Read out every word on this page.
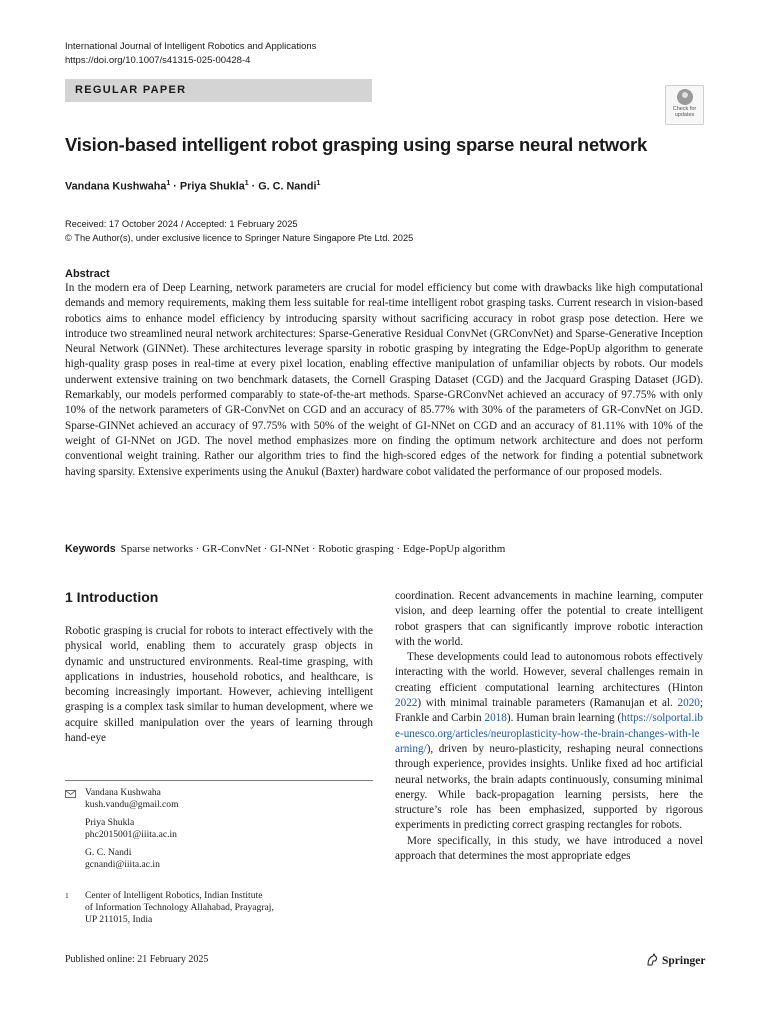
International Journal of Intelligent Robotics and Applications
https://doi.org/10.1007/s41315-025-00428-4
REGULAR PAPER
Check for
updates
Vision-based intelligent robot grasping using sparse neural network
Vandana Kushwaha$^1$ · Priya Shukla$^1$ · G. C. Nandi$^1$
Received: 17 October 2024 / Accepted: 1 February 2025
© The Author(s), under exclusive licence to Springer Nature Singapore Pte Ltd. 2025
Abstract

In the modern era of Deep Learning, network parameters are crucial for model efficiency but come with drawbacks like high computational demands and memory requirements, making them less suitable for real-time intelligent robot grasping tasks. Current research in vision-based robotics aims to enhance model efficiency by introducing sparsity without sacrificing accuracy in robot grasp pose detection. Here we introduce two streamlined neural network architectures: Sparse-Generative Residual ConvNet (GRConvNet) and Sparse-Generative Inception Neural Network (GINNet). These architectures leverage sparsity in robotic grasping by integrating the Edge-PopUp algorithm to generate high-quality grasp poses in real-time at every pixel location, enabling effective manipulation of unfamiliar objects by robots. Our models underwent extensive training on two benchmark datasets, the Cornell Grasping Dataset (CGD) and the Jacquard Grasping Dataset (JGD). Remarkably, our models performed comparably to state-of-the-art methods. Sparse-GRConvNet achieved an accuracy of 97.75% with only 10% of the network parameters of GR-ConvNet on CGD and an accuracy of 85.77% with 30% of the parameters of GR-ConvNet on JGD. Sparse-GINNet achieved an accuracy of 97.75% with 50% of the weight of GI-NNet on CGD and an accuracy of 81.11% with 10% of the weight of GI-NNet on JGD. The novel method emphasizes more on finding the optimum network architecture and does not perform conventional weight training. Rather our algorithm tries to find the high-scored edges of the network for finding a potential subnetwork having sparsity. Extensive experiments using the Anukul (Baxter) hardware cobot validated the performance of our proposed models.

Keywords Sparse networks · GR-ConvNet · GI-NNet · Robotic grasping · Edge-PopUp algorithm
1 Introduction

Robotic grasping is crucial for robots to interact effectively with the physical world, enabling them to accurately grasp objects in dynamic and unstructured environments. Real-time grasping, with applications in industries, household robotics, and healthcare, is becoming increasingly important. However, achieving intelligent grasping is a complex task similar to human development, where we acquire skilled manipulation over the years of learning through hand-eye

coordination. Recent advancements in machine learning, computer vision, and deep learning offer the potential to create intelligent robot graspers that can significantly improve robotic interaction with the world.

These developments could lead to autonomous robots effectively interacting with the world. However, several challenges remain in creating efficient computational learning architectures (Hinton 2022) with minimal trainable parameters (Ramanujan et al. 2020; Frankle and Carbin 2018). Human brain learning (https://solportal.ibe-unesco.org/articles/neuroplasticity-how-the-brain-changes-with-learning/), driven by neuro-plasticity, reshaping neural connections through experience, provides insights. Unlike fixed ad hoc artificial neural networks, the brain adapts continuously, consuming minimal energy. While back-propagation learning persists, here the structure’s role has been emphasized, supported by rigorous experiments in predicting correct grasping rectangles for robots.

More specifically, in this study, we have introduced a novel approach that determines the most appropriate edges

Vandana Kushwaha
kush.vandu@gmail.com
Priya Shukla
phc2015001@iiita.ac.in
G. C. Nandi
gcnandi@iiita.ac.in
1 Center of Intelligent Robotics, Indian Institute
of Information Technology Allahabad, Prayagraj,
UP 211015, India
Published online: 21 February 2025	Springer
